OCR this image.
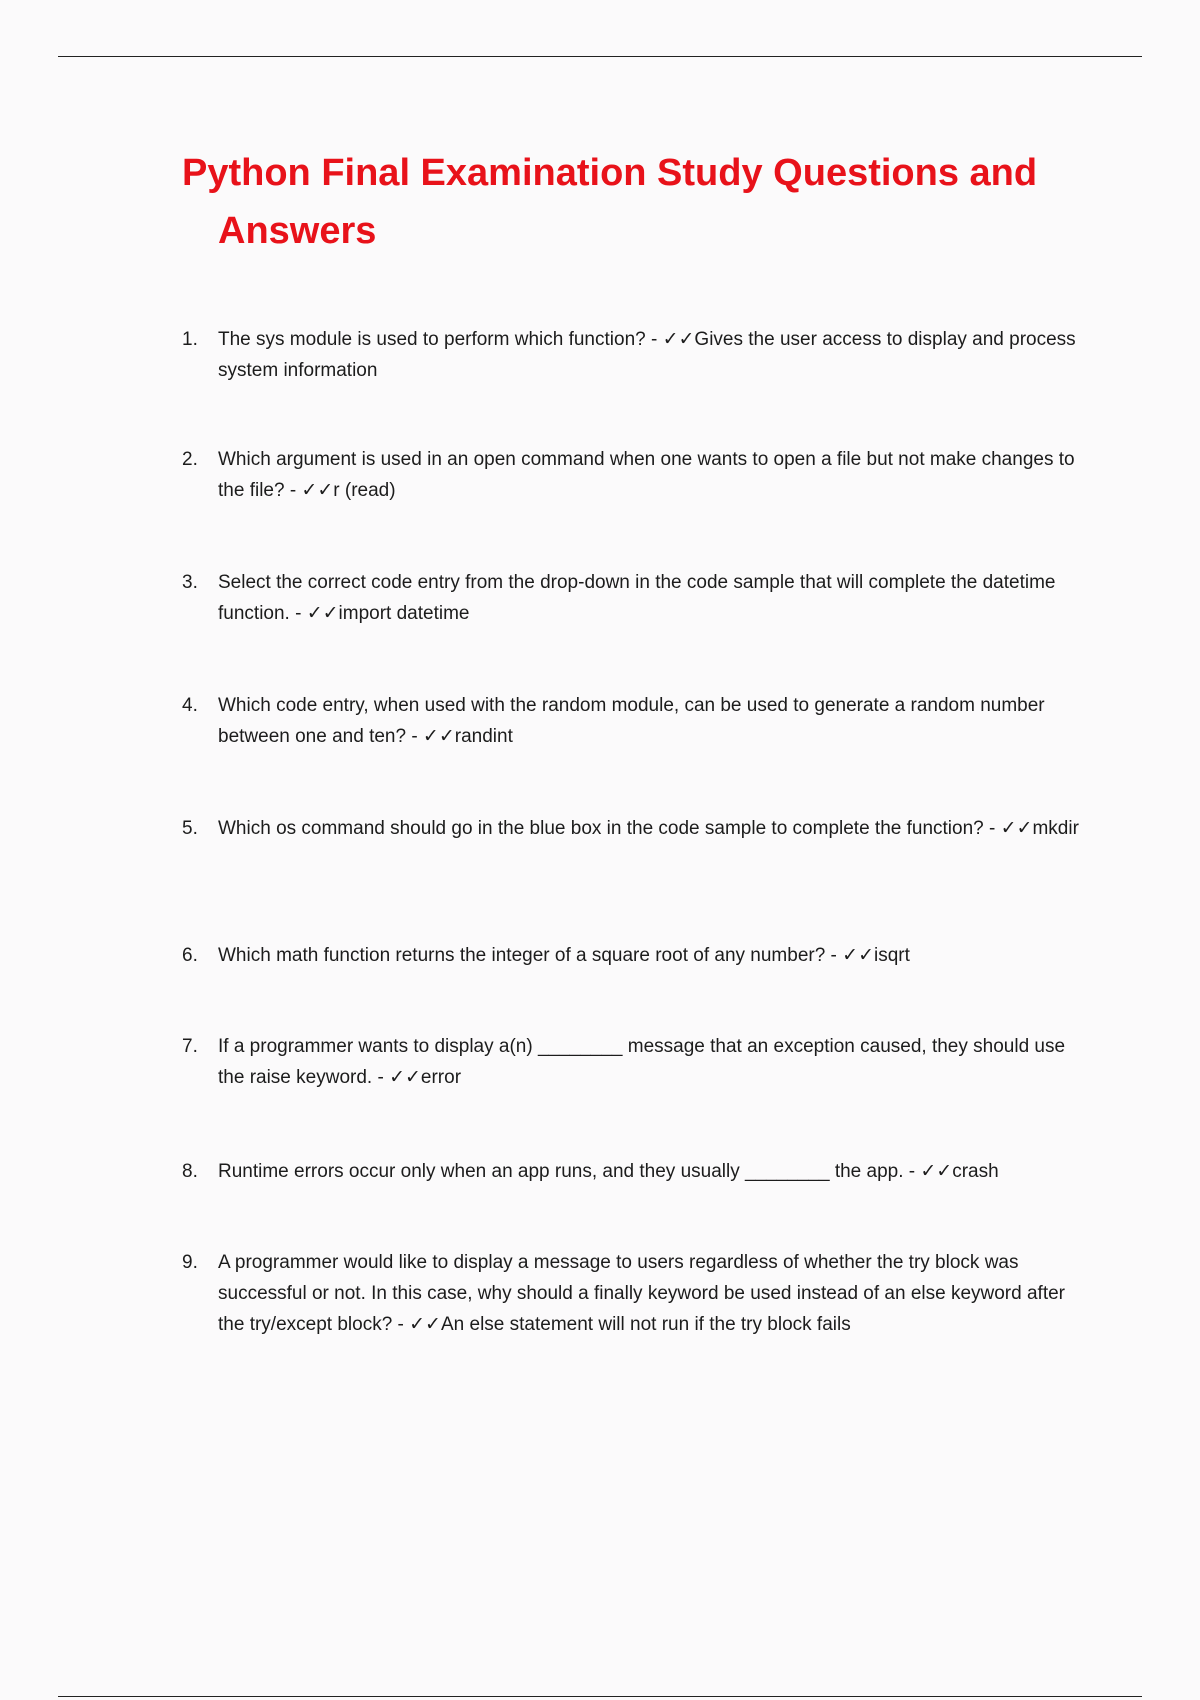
Python Final Examination Study Questions and Answers
1.	The sys module is used to perform which function? - ✓✓Gives the user access to display and process system information
2.	Which argument is used in an open command when one wants to open a file but not make changes to the file? - ✓✓r (read)
3.	Select the correct code entry from the drop-down in the code sample that will complete the datetime function. - ✓✓import datetime
4.	Which code entry, when used with the random module, can be used to generate a random number between one and ten? - ✓✓randint
5.	Which os command should go in the blue box in the code sample to complete the function? - ✓✓mkdir
6.	Which math function returns the integer of a square root of any number? - ✓✓isqrt
7.	If a programmer wants to display a(n) ________ message that an exception caused, they should use the raise keyword. - ✓✓error
8.	Runtime errors occur only when an app runs, and they usually ________ the app. - ✓✓crash
9.	A programmer would like to display a message to users regardless of whether the try block was successful or not. In this case, why should a finally keyword be used instead of an else keyword after the try/except block? - ✓✓An else statement will not run if the try block fails
